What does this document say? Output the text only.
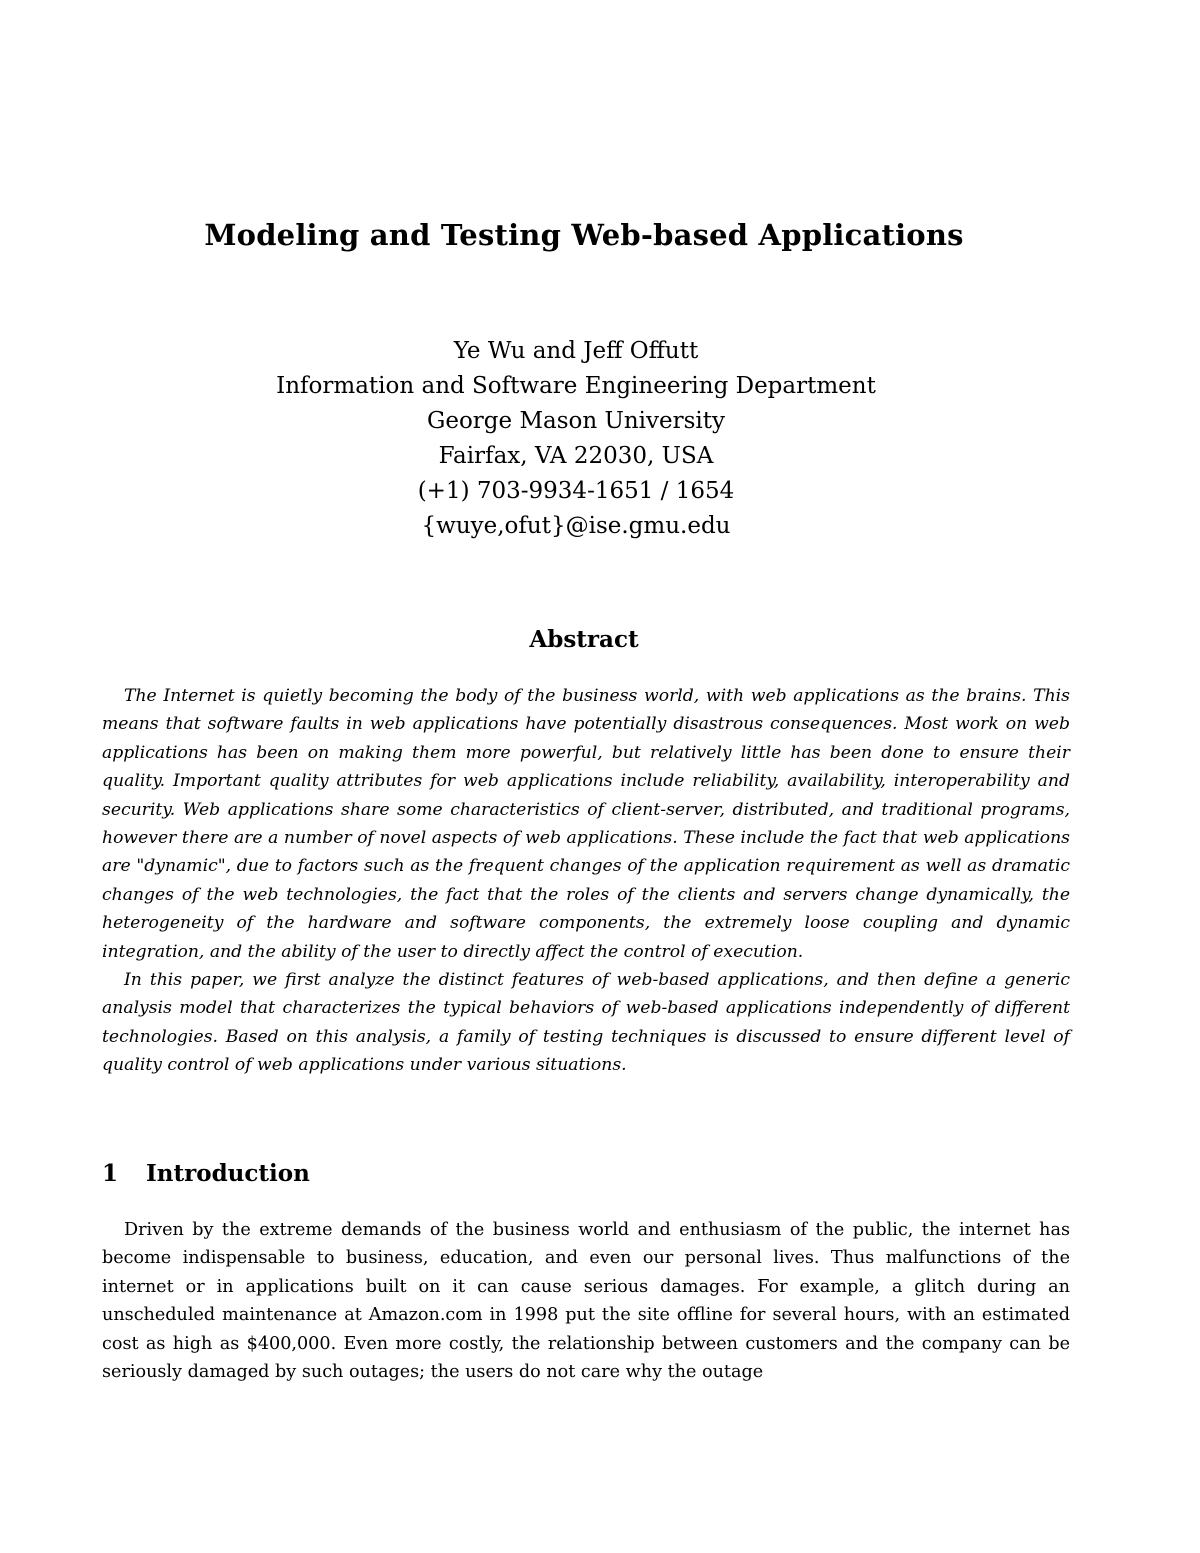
Modeling and Testing Web-based Applications
Ye Wu and Jeff Offutt
Information and Software Engineering Department
George Mason University
Fairfax, VA 22030, USA
(+1) 703-9934-1651 / 1654
{wuye,ofut}@ise.gmu.edu
Abstract

The Internet is quietly becoming the body of the business world, with web applications as the brains. This means that software faults in web applications have potentially disastrous consequences. Most work on web applications has been on making them more powerful, but relatively little has been done to ensure their quality. Important quality attributes for web applications include reliability, availability, interoperability and security. Web applications share some characteristics of client-server, distributed, and traditional programs, however there are a number of novel aspects of web applications. These include the fact that web applications are "dynamic", due to factors such as the frequent changes of the application requirement as well as dramatic changes of the web technologies, the fact that the roles of the clients and servers change dynamically, the heterogeneity of the hardware and software components, the extremely loose coupling and dynamic integration, and the ability of the user to directly affect the control of execution.

In this paper, we first analyze the distinct features of web-based applications, and then define a generic analysis model that characterizes the typical behaviors of web-based applications independently of different technologies. Based on this analysis, a family of testing techniques is discussed to ensure different level of quality control of web applications under various situations.

1 Introduction

Driven by the extreme demands of the business world and enthusiasm of the public, the internet has become indispensable to business, education, and even our personal lives. Thus malfunctions of the internet or in applications built on it can cause serious damages. For example, a glitch during an unscheduled maintenance at Amazon.com in 1998 put the site offline for several hours, with an estimated cost as high as $400,000. Even more costly, the relationship between customers and the company can be seriously damaged by such outages; the users do not care why the outage
